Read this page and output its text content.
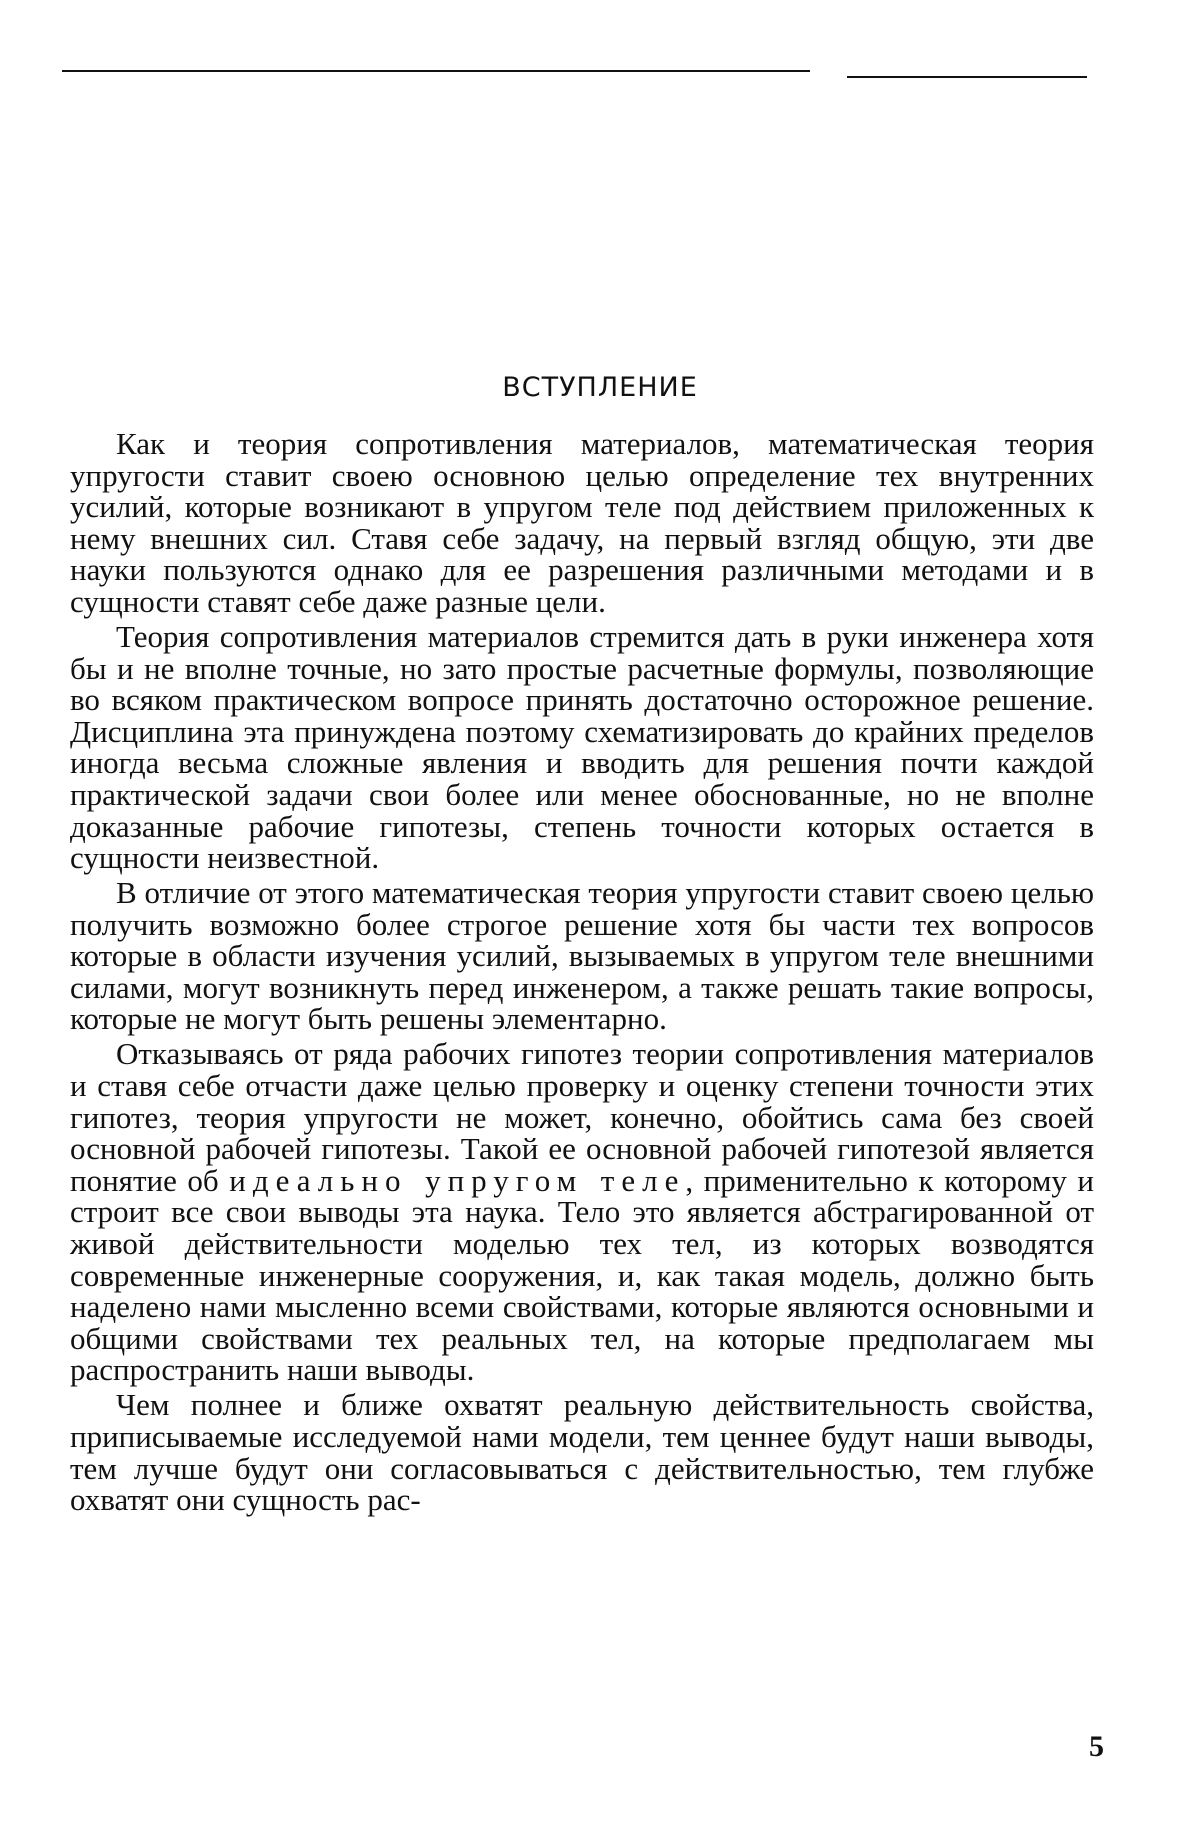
ВСТУПЛЕНИЕ

Как и теория сопротивления материалов, математическая теория упругости ставит своею основною целью определение тех внутренних усилий, которые возникают в упругом теле под действием приложенных к нему внешних сил. Ставя себе задачу, на первый взгляд общую, эти две науки пользуются однако для ее разрешения различными методами и в сущности ставят себе даже разные цели.

Теория сопротивления материалов стремится дать в руки инженера хотя бы и не вполне точные, но зато простые расчетные формулы, позволяющие во всяком практическом вопросе принять достаточно осторожное решение. Дисциплина эта принуждена поэтому схематизировать до крайних пределов иногда весьма сложные явления и вводить для решения почти каждой практической задачи свои более или менее обоснованные, но не вполне доказанные рабочие гипотезы, степень точности которых остается в сущности неизвестной.

В отличие от этого математическая теория упругости ставит своею целью получить возможно более строгое решение хотя бы части тех вопросов которые в области изучения усилий, вызываемых в упругом теле внешними силами, могут возникнуть перед инженером, а также решать такие вопросы, которые не могут быть решены элементарно.

Отказываясь от ряда рабочих гипотез теории сопротивления материалов и ставя себе отчасти даже целью проверку и оценку степени точности этих гипотез, теория упругости не может, конечно, обойтись сама без своей основной рабочей гипотезы. Такой ее основной рабочей гипотезой является понятие об идеально упругом теле, применительно к которому и строит все свои выводы эта наука. Тело это является абстрагированной от живой действительности моделью тех тел, из которых возводятся современные инженерные сооружения, и, как такая модель, должно быть наделено нами мысленно всеми свойствами, которые являются основными и общими свойствами тех реальных тел, на которые предполагаем мы распространить наши выводы.

Чем полнее и ближе охватят реальную действительность свойства, приписываемые исследуемой нами модели, тем ценнее будут наши выводы, тем лучше будут они согласовываться с действительностью, тем глубже охватят они сущность рас-

5
